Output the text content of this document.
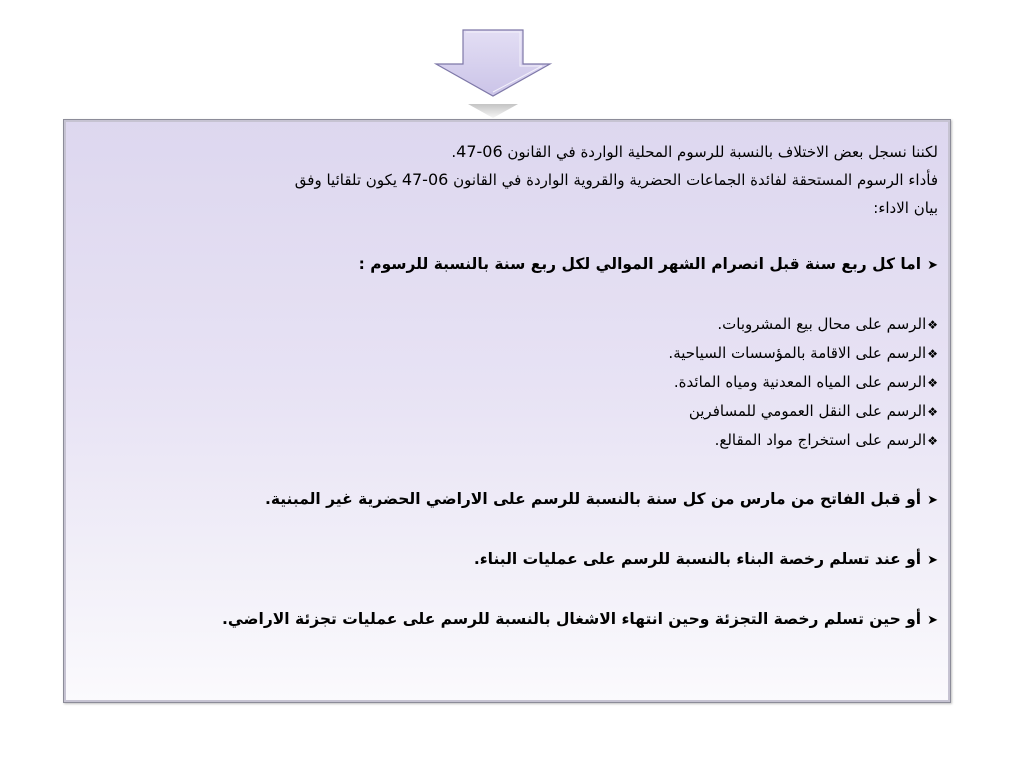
لكننا نسجل بعض الاختلاف بالنسبة للرسوم المحلية الواردة في القانون 47-06.
فأداء الرسوم المستحقة لفائدة الجماعات الحضرية والقروية الواردة في القانون 47-06 يكون تلقائيا وفق
بيان الاداء:
➤اما كل ربع سنة قبل انصرام الشهر الموالي لكل ربع سنة بالنسبة للرسوم :
❖الرسم على محال بيع المشروبات.
❖الرسم على الاقامة بالمؤسسات السياحية.
❖الرسم على المياه المعدنية ومياه المائدة.
❖الرسم على النقل العمومي للمسافرين
❖الرسم على استخراج مواد المقالع.
➤أو قبل الفاتح من مارس من كل سنة بالنسبة للرسم على الاراضي الحضرية غير المبنية.
➤أو عند تسلم رخصة البناء بالنسبة للرسم على عمليات البناء.
➤أو حين تسلم رخصة التجزئة وحين انتهاء الاشغال بالنسبة للرسم على عمليات تجزئة الاراضي.
